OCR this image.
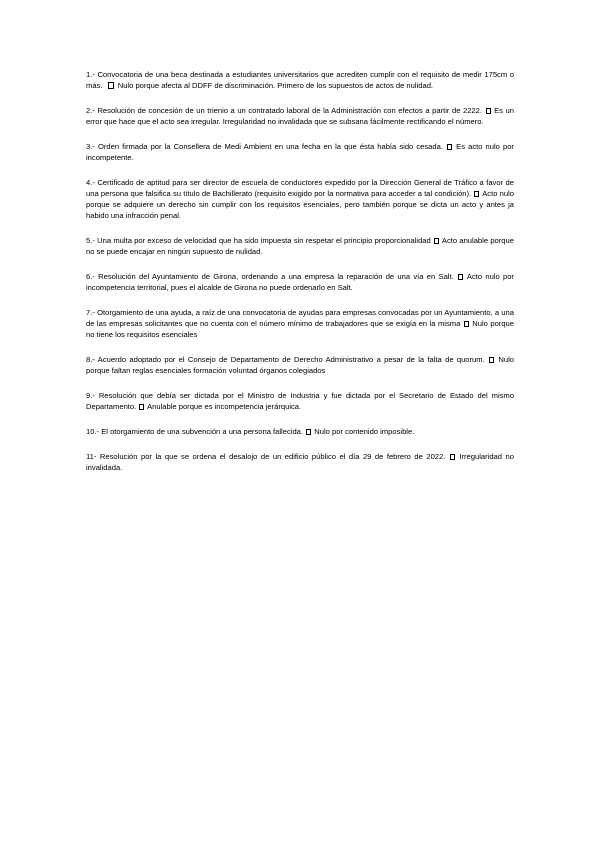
1.- Convocatoria de una beca destinada a estudiantes universitarios que acrediten cumplir con el requisito de medir 175cm o más. Nulo porque afecta al DDFF de discriminación. Primero de los supuestos de actos de nulidad.

2.- Resolución de concesión de un trienio a un contratado laboral de la Administración con efectos a partir de 2222. Es un error que hace que el acto sea irregular. Irregularidad no invalidada que se subsana fácilmente rectificando el número.

3.- Orden firmada por la Consellera de Medi Ambient en una fecha en la que ésta había sido cesada. Es acto nulo por incompetente.

4.- Certificado de aptitud para ser director de escuela de conductores expedido por la Dirección General de Tráfico a favor de una persona que falsifica su título de Bachillerato (requisito exigido por la normativa para acceder a tal condición). Acto nulo porque se adquiere un derecho sin cumplir con los requisitos esenciales, pero también porque se dicta un acto y antes ja habido una infracción penal.

5.- Una multa por exceso de velocidad que ha sido impuesta sin respetar el principio proporcionalidad Acto anulable porque no se puede encajar en ningún supuesto de nulidad.

6.- Resolución del Ayuntamiento de Girona, ordenando a una empresa la reparación de una vía en Salt. Acto nulo por incompetencia territorial, pues el alcalde de Girona no puede ordenarlo en Salt.

7.- Otorgamiento de una ayuda, a raíz de una convocatoria de ayudas para empresas convocadas por un Ayuntamiento, a una de las empresas solicitantes que no cuenta con el número mínimo de trabajadores que se exigía en la misma Nulo porque no tiene los requisitos esenciales

8.- Acuerdo adoptado por el Consejo de Departamento de Derecho Administrativo a pesar de la falta de quorum. Nulo porque faltan reglas esenciales formación voluntad órganos colegiados

9.- Resolución que debía ser dictada por el Ministro de Industria y fue dictada por el Secretario de Estado del mismo Departamento. Anulable porque es incompetencia jerárquica.

10.- El otorgamiento de una subvención a una persona fallecida. Nulo por contenido imposible.

11- Resolución por la que se ordena el desalojo de un edificio público el día 29 de febrero de 2022. Irregularidad no invalidada.
